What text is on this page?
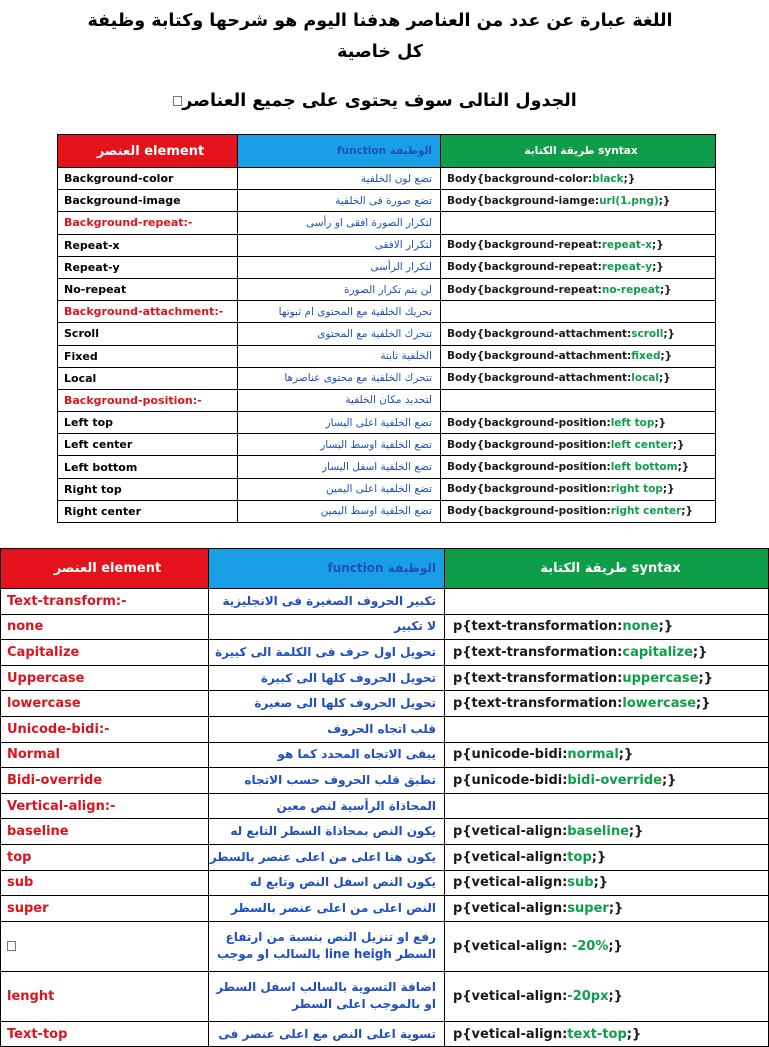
اللغة عبارة عن عدد من العناصر هدفنا اليوم هو شرحها وكتابة وظيفة
كل خاصية
الجدول التالى سوف يحتوى على جميع العناصر
العنصر element	الوظيفة function	طريقة الكتابة syntax
Background-color	تضع لون الخلفية	Body{background-color:black;}
Background-image	تضع صورة فى الخلفية	Body{background-iamge:url(1.png);}
Background-repeat:-	لتكرار الصورة افقى او رأسى	
Repeat-x	لتكرار الافقى	Body{background-repeat:repeat-x;}
Repeat-y	لتكرار الرأسى	Body{background-repeat:repeat-y;}
No-repeat	لن يتم تكرار الصورة	Body{background-repeat:no-repeat;}
Background-attachment:-	تحريك الخلفية مع المحتوى ام ثبوتها	
Scroll	تتحرك الخلفية مع المحتوى	Body{background-attachment:scroll;}
Fixed	الخلفية ثابتة	Body{background-attachment:fixed;}
Local	تتحرك الخلفية مع محتوى عناصرها	Body{background-attachment:local;}
Background-position:-	لتحديد مكان الخلفية	
Left top	تضع الخلفية اعلى اليسار	Body{background-position:left top;}
Left center	تضع الخلفية اوسط اليسار	Body{background-position:left center;}
Left bottom	تضع الخلفية اسفل اليسار	Body{background-position:left bottom;}
Right top	تضع الخلفية اعلى اليمين	Body{background-position:right top;}
Right center	تضع الخلفية اوسط اليمين	Body{background-position:right center;}
العنصر element	الوظيفة function	طريقة الكتابة syntax
Text-transform:-	تكبير الحروف الصغيرة فى الانجليزية	
none	لا تكبير	p{text-transformation:none;}
Capitalize	تحويل اول حرف فى الكلمة الى كبيرة	p{text-transformation:capitalize;}
Uppercase	تحويل الحروف كلها الى كبيرة	p{text-transformation:uppercase;}
lowercase	تحويل الحروف كلها الى صغيرة	p{text-transformation:lowercase;}
Unicode-bidi:-	قلب اتجاه الحروف	
Normal	يبقى الاتجاه المحدد كما هو	p{unicode-bidi:normal;}
Bidi-override	تطبق قلب الحروف حسب الاتجاه	p{unicode-bidi:bidi-override;}
Vertical-align:-	المحاذاة الرأسية لنص معين	
baseline	يكون النص بمحاذاة السطر التابع له	p{vetical-align:baseline;}
top	يكون هنا اعلى من اعلى عنصر بالسطر	p{vetical-align:top;}
sub	يكون النص اسفل النص وتابع له	p{vetical-align:sub;}
super	النص اعلى من اعلى عنصر بالسطر	p{vetical-align:super;}
	رفع او تنزيل النص بنسبة من ارتفاع السطر line heigh بالسالب او موجب	p{vetical-align: -20%;}
lenght	اضافة التسوية بالسالب اسفل السطر او بالموجب اعلى السطر	p{vetical-align:-20px;}
Text-top	تسوية اعلى النص مع اعلى عنصر فى	p{vetical-align:text-top;}
